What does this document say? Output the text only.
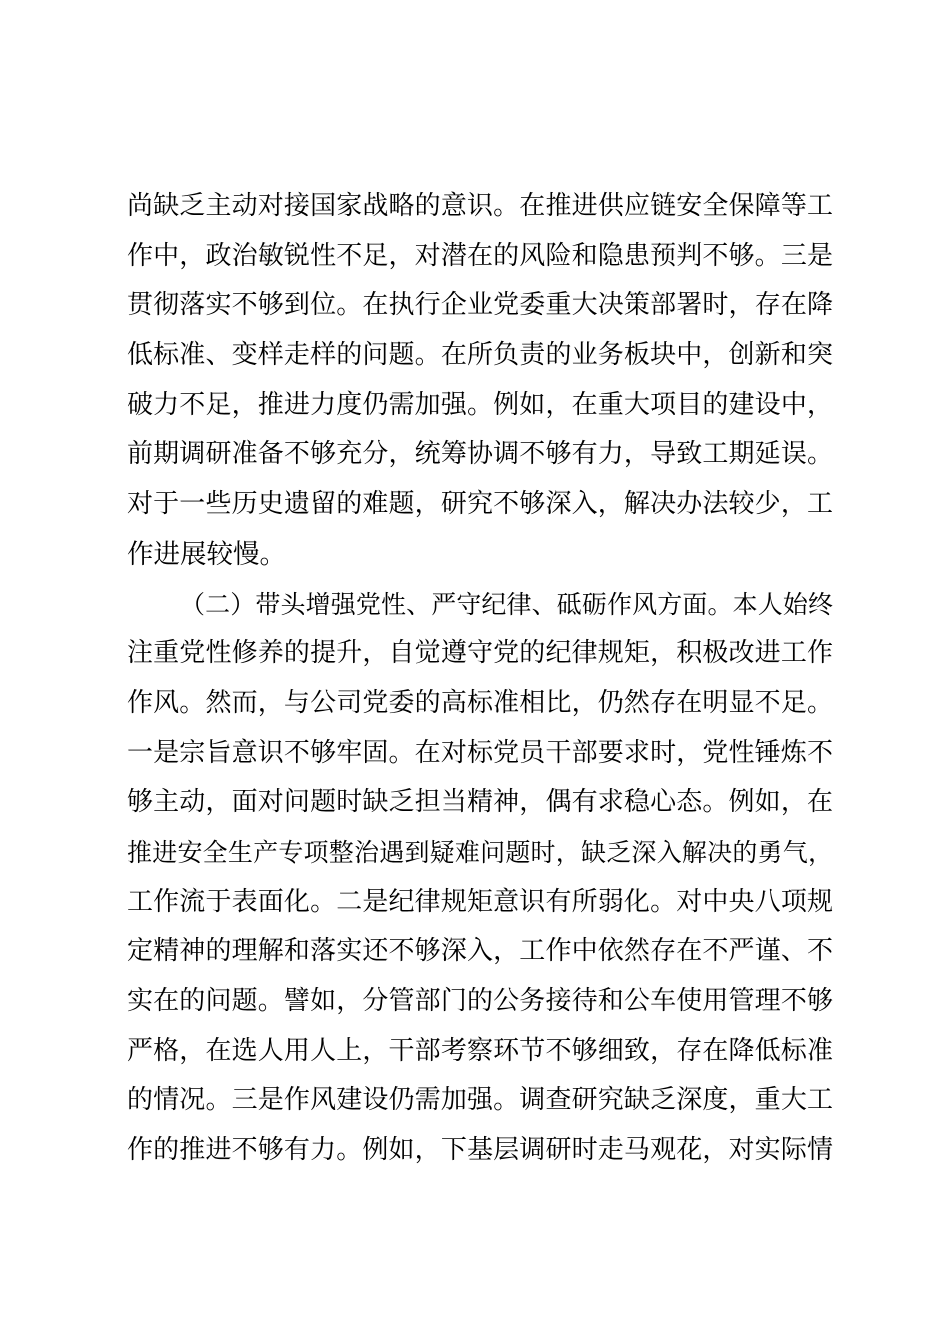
尚缺乏主动对接国家战略的意识。在推进供应链安全保障等工
作中，政治敏锐性不足，对潜在的风险和隐患预判不够。三是
贯彻落实不够到位。在执行企业党委重大决策部署时，存在降
低标准、变样走样的问题。在所负责的业务板块中，创新和突
破力不足，推进力度仍需加强。例如，在重大项目的建设中，
前期调研准备不够充分，统筹协调不够有力，导致工期延误。
对于一些历史遗留的难题，研究不够深入，解决办法较少，工
作进展较慢。
（二）带头增强党性、严守纪律、砥砺作风方面。本人始终
注重党性修养的提升，自觉遵守党的纪律规矩，积极改进工作
作风。然而，与公司党委的高标准相比，仍然存在明显不足。
一是宗旨意识不够牢固。在对标党员干部要求时，党性锤炼不
够主动，面对问题时缺乏担当精神，偶有求稳心态。例如，在
推进安全生产专项整治遇到疑难问题时，缺乏深入解决的勇气，
工作流于表面化。二是纪律规矩意识有所弱化。对中央八项规
定精神的理解和落实还不够深入，工作中依然存在不严谨、不
实在的问题。譬如，分管部门的公务接待和公车使用管理不够
严格，在选人用人上，干部考察环节不够细致，存在降低标准
的情况。三是作风建设仍需加强。调查研究缺乏深度，重大工
作的推进不够有力。例如，下基层调研时走马观花，对实际情
